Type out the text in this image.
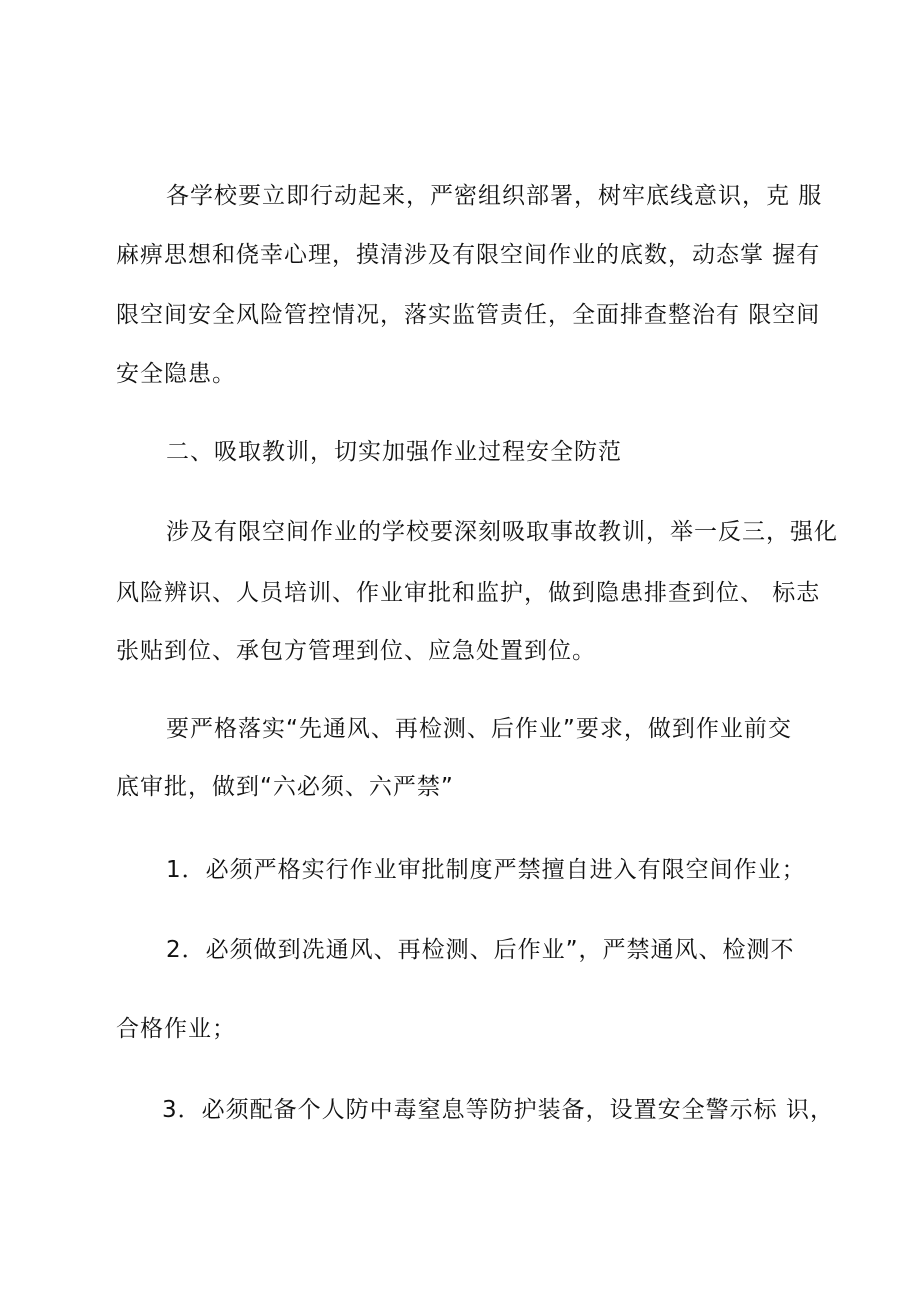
各学校要立即行动起来，严密组织部署，树牢底线意识，克 服
麻痹思想和侥幸心理，摸清涉及有限空间作业的底数，动态掌 握有
限空间安全风险管控情况，落实监管责任，全面排查整治有 限空间
安全隐患。
二、吸取教训，切实加强作业过程安全防范
涉及有限空间作业的学校要深刻吸取事故教训，举一反三，强化
风险辨识、人员培训、作业审批和监护，做到隐患排查到位、 标志
张贴到位、承包方管理到位、应急处置到位。
要严格落实“先通风、再检测、后作业”要求，做到作业前交
底审批，做到“六必须、六严禁”
1．必须严格实行作业审批制度严禁擅自进入有限空间作业；
2．必须做到冼通风、再检测、后作业”，严禁通风、检测不
合格作业；
3．必须配备个人防中毒窒息等防护装备，设置安全警示标 识，
